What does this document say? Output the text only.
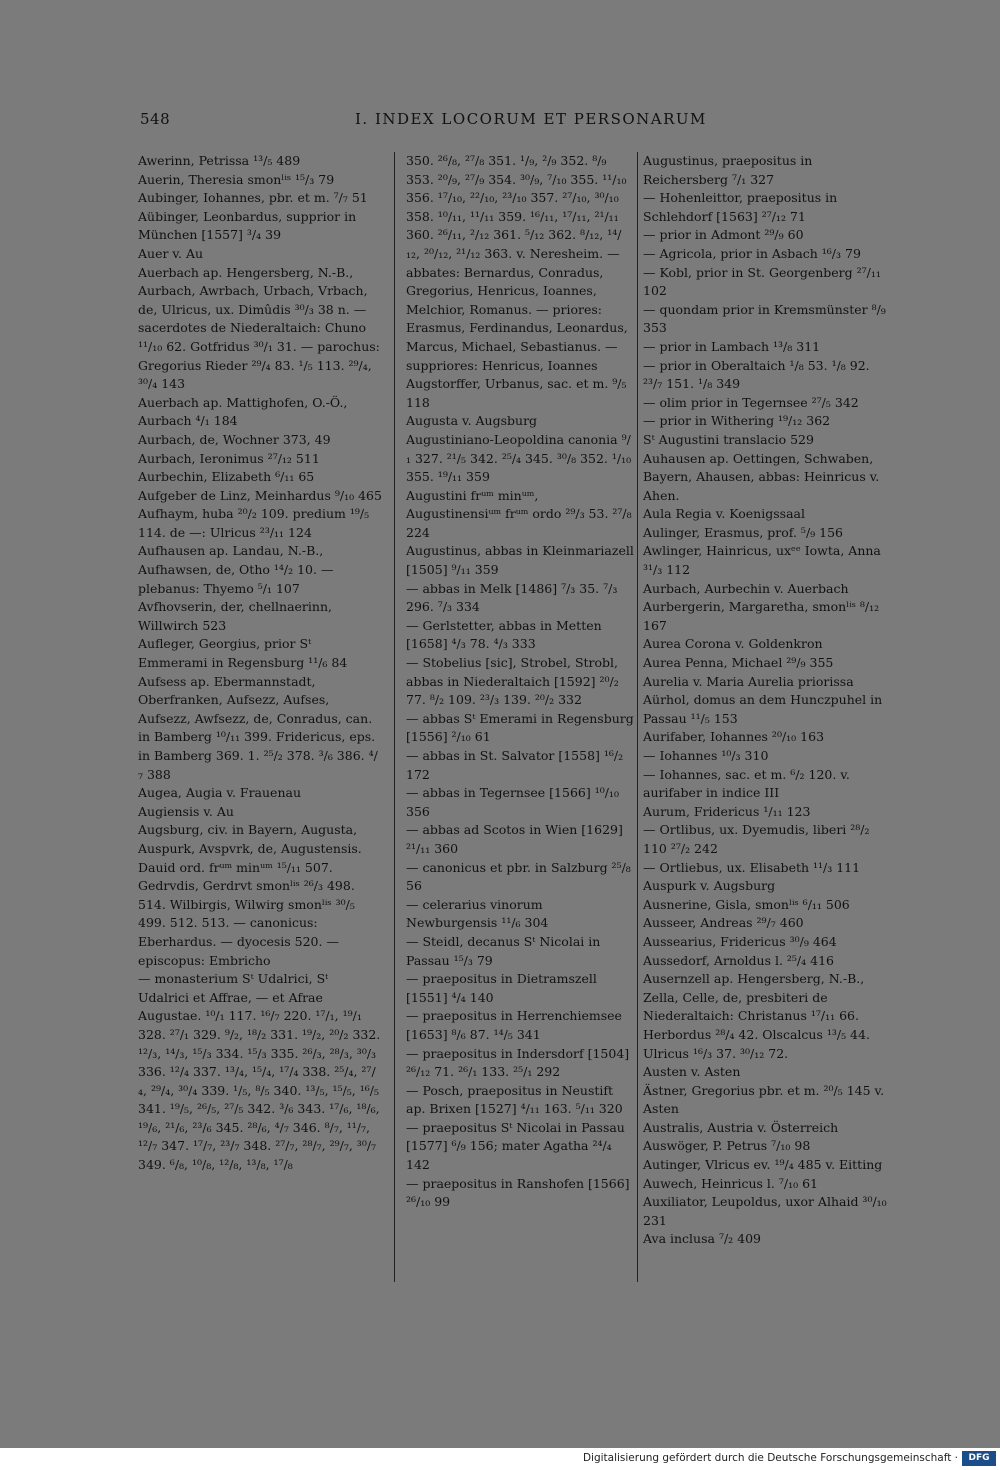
548	I. INDEX LOCORUM ET PERSONARUM
Awerinn, Petrissa ¹³/₅ 489
Auerin, Theresia smonˡⁱˢ ¹⁵/₃ 79
Aubinger, Iohannes, pbr. et m. ⁷/₇ 51
Aübinger, Leonbardus, supprior in München [1557] ³/₄ 39
Auer v. Au
Auerbach ap. Hengersberg, N.-B., Aurbach, Awrbach, Urbach, Vrbach, de, Ulricus, ux. Dimûdis ³⁰/₃ 38 n. — sacerdotes de Niederaltaich: Chuno ¹¹/₁₀ 62. Gotfridus ³⁰/₁ 31. — parochus: Gregorius Rieder ²⁹/₄ 83. ¹/₅ 113. ²⁹/₄, ³⁰/₄ 143
Auerbach ap. Mattighofen, O.-Ö., Aurbach ⁴/₁ 184
Aurbach, de, Wochner 373, 49
Aurbach, Ieronimus ²⁷/₁₂ 511
Aurbechin, Elizabeth ⁶/₁₁ 65
Aufgeber de Linz, Meinhardus ⁹/₁₀ 465
Aufhaym, huba ²⁰/₂ 109. predium ¹⁹/₅ 114. de —: Ulricus ²³/₁₁ 124
Aufhausen ap. Landau, N.-B., Aufhawsen, de, Otho ¹⁴/₂ 10. — plebanus: Thyemo ⁵/₁ 107
Avfhovserin, der, chellnaerinn, Willwirch 523
Aufleger, Georgius, prior Sᵗ Emmerami in Regensburg ¹¹/₆ 84
Aufsess ap. Ebermannstadt, Oberfranken, Aufsezz, Aufses, Aufsezz, Awfsezz, de, Conradus, can. in Bamberg ¹⁰/₁₁ 399. Fridericus, eps. in Bamberg 369. 1. ²⁵/₂ 378. ³/₆ 386. ⁴/₇ 388
Augea, Augia v. Frauenau
Augiensis v. Au
Augsburg, civ. in Bayern, Augusta, Auspurk, Avspvrk, de, Augustensis. Dauid ord. frᵘᵐ minᵘᵐ ¹⁵/₁₁ 507. Gedrvdis, Gerdrvt smonˡⁱˢ ²⁶/₃ 498. 514. Wilbirgis, Wilwirg smonˡⁱˢ ³⁰/₅ 499. 512. 513. — canonicus: Eberhardus. — dyocesis 520. — episcopus: Embricho
— monasterium Sᵗ Udalrici, Sᵗ Udalrici et Affrae, — et Afrae Augustae. ¹⁰/₁ 117. ¹⁶/₇ 220. ¹⁷/₁, ¹⁹/₁ 328. ²⁷/₁ 329. ⁹/₂, ¹⁸/₂ 331. ¹⁹/₂, ²⁰/₂ 332. ¹²/₃, ¹⁴/₃, ¹⁵/₃ 334. ¹⁵/₃ 335. ²⁶/₃, ²⁸/₃, ³⁰/₃ 336. ¹²/₄ 337. ¹³/₄, ¹⁵/₄, ¹⁷/₄ 338. ²⁵/₄, ²⁷/₄, ²⁹/₄, ³⁰/₄ 339. ¹/₅, ⁸/₅ 340. ¹³/₅, ¹⁵/₅, ¹⁶/₅ 341. ¹⁹/₅, ²⁶/₅, ²⁷/₅ 342. ³/₆ 343. ¹⁷/₆, ¹⁸/₆, ¹⁹/₆, ²¹/₆, ²³/₆ 345. ²⁸/₆, ⁴/₇ 346. ⁸/₇, ¹¹/₇, ¹²/₇ 347. ¹⁷/₇, ²³/₇ 348. ²⁷/₇, ²⁸/₇, ²⁹/₇, ³⁰/₇ 349. ⁶/₈, ¹⁰/₈, ¹²/₈, ¹³/₈, ¹⁷/₈
350. ²⁶/₈, ²⁷/₈ 351. ¹/₉, ²/₉ 352. ⁸/₉ 353. ²⁰/₉, ²⁷/₉ 354. ³⁰/₉, ⁷/₁₀ 355. ¹¹/₁₀ 356. ¹⁷/₁₀, ²²/₁₀, ²³/₁₀ 357. ²⁷/₁₀, ³⁰/₁₀ 358. ¹⁰/₁₁, ¹¹/₁₁ 359. ¹⁶/₁₁, ¹⁷/₁₁, ²¹/₁₁ 360. ²⁶/₁₁, ²/₁₂ 361. ⁵/₁₂ 362. ⁸/₁₂, ¹⁴/₁₂, ²⁰/₁₂, ²¹/₁₂ 363. v. Neresheim. — abbates: Bernardus, Conradus, Gregorius, Henricus, Ioannes, Melchior, Romanus. — priores: Erasmus, Ferdinandus, Leonardus, Marcus, Michael, Sebastianus. — suppriores: Henricus, Ioannes
Augstorffer, Urbanus, sac. et m. ⁹/₅ 118
Augusta v. Augsburg
Augustiniano-Leopoldina canonia ⁹/₁ 327. ²¹/₅ 342. ²⁵/₄ 345. ³⁰/₈ 352. ¹/₁₀ 355. ¹⁹/₁₁ 359
Augustini frᵘᵐ minᵘᵐ, Augustinensiᵘᵐ frᵘᵐ ordo ²⁹/₃ 53. ²⁷/₈ 224
Augustinus, abbas in Kleinmariazell [1505] ⁹/₁₁ 359
— abbas in Melk [1486] ⁷/₃ 35. ⁷/₃ 296. ⁷/₃ 334
— Gerlstetter, abbas in Metten [1658] ⁴/₃ 78. ⁴/₃ 333
— Stobelius [sic], Strobel, Strobl, abbas in Niederaltaich [1592] ²⁰/₂ 77. ⁸/₂ 109. ²³/₃ 139. ²⁰/₂ 332
— abbas Sᵗ Emerami in Regensburg [1556] ²/₁₀ 61
— abbas in St. Salvator [1558] ¹⁶/₂ 172
— abbas in Tegernsee [1566] ¹⁰/₁₀ 356
— abbas ad Scotos in Wien [1629] ²¹/₁₁ 360
— canonicus et pbr. in Salzburg ²⁵/₈ 56
— celerarius vinorum Newburgensis ¹¹/₆ 304
— Steidl, decanus Sᵗ Nicolai in Passau ¹⁵/₃ 79
— praepositus in Dietramszell [1551] ⁴/₄ 140
— praepositus in Herrenchiemsee [1653] ⁸/₆ 87. ¹⁴/₅ 341
— praepositus in Indersdorf [1504] ²⁶/₁₂ 71. ²⁶/₁ 133. ²⁵/₁ 292
— Posch, praepositus in Neustift ap. Brixen [1527] ⁴/₁₁ 163. ⁵/₁₁ 320
— praepositus Sᵗ Nicolai in Passau [1577] ⁶/₉ 156; mater Agatha ²⁴/₄ 142
— praepositus in Ranshofen [1566] ²⁶/₁₀ 99
Augustinus, praepositus in Reichersberg ⁷/₁ 327
— Hohenleittor, praepositus in Schlehdorf [1563] ²⁷/₁₂ 71
— prior in Admont ²⁹/₉ 60
— Agricola, prior in Asbach ¹⁶/₃ 79
— Kobl, prior in St. Georgenberg ²⁷/₁₁ 102
— quondam prior in Kremsmünster ⁸/₉ 353
— prior in Lambach ¹³/₈ 311
— prior in Oberaltaich ¹/₈ 53. ¹/₈ 92. ²³/₇ 151. ¹/₈ 349
— olim prior in Tegernsee ²⁷/₅ 342
— prior in Withering ¹⁹/₁₂ 362
Sᵗ Augustini translacio 529
Auhausen ap. Oettingen, Schwaben, Bayern, Ahausen, abbas: Heinricus v. Ahen.
Aula Regia v. Koenigssaal
Aulinger, Erasmus, prof. ⁵/₉ 156
Awlinger, Hainricus, uxᵉᵉ Iowta, Anna ³¹/₃ 112
Aurbach, Aurbechin v. Auerbach
Aurbergerin, Margaretha, smonˡⁱˢ ⁸/₁₂ 167
Aurea Corona v. Goldenkron
Aurea Penna, Michael ²⁹/₉ 355
Aurelia v. Maria Aurelia priorissa
Aürhol, domus an dem Hunczpuhel in Passau ¹¹/₅ 153
Aurifaber, Iohannes ²⁰/₁₀ 163
— Iohannes ¹⁰/₃ 310
— Iohannes, sac. et m. ⁶/₂ 120. v. aurifaber in indice III
Aurum, Fridericus ¹/₁₁ 123
— Ortlibus, ux. Dyemudis, liberi ²⁸/₂ 110 ²⁷/₂ 242
— Ortliebus, ux. Elisabeth ¹¹/₃ 111
Auspurk v. Augsburg
Ausnerine, Gisla, smonˡⁱˢ ⁶/₁₁ 506
Ausseer, Andreas ²⁹/₇ 460
Aussearius, Fridericus ³⁰/₉ 464
Aussedorf, Arnoldus l. ²⁵/₄ 416
Ausernzell ap. Hengersberg, N.-B., Zella, Celle, de, presbiteri de Niederaltaich: Christanus ¹⁷/₁₁ 66. Herbordus ²⁸/₄ 42. Olscalcus ¹³/₅ 44. Ulricus ¹⁶/₃ 37. ³⁰/₁₂ 72.
Austen v. Asten
Ästner, Gregorius pbr. et m. ²⁰/₅ 145 v. Asten
Australis, Austria v. Österreich
Auswöger, P. Petrus ⁷/₁₀ 98
Autinger, Vlricus ev. ¹⁹/₄ 485 v. Eitting
Auwech, Heinricus l. ⁷/₁₀ 61
Auxiliator, Leupoldus, uxor Alhaid ³⁰/₁₀ 231
Ava inclusa ⁷/₂ 409
Digitalisierung gefördert durch die Deutsche Forschungsgemeinschaft ·	DFG
